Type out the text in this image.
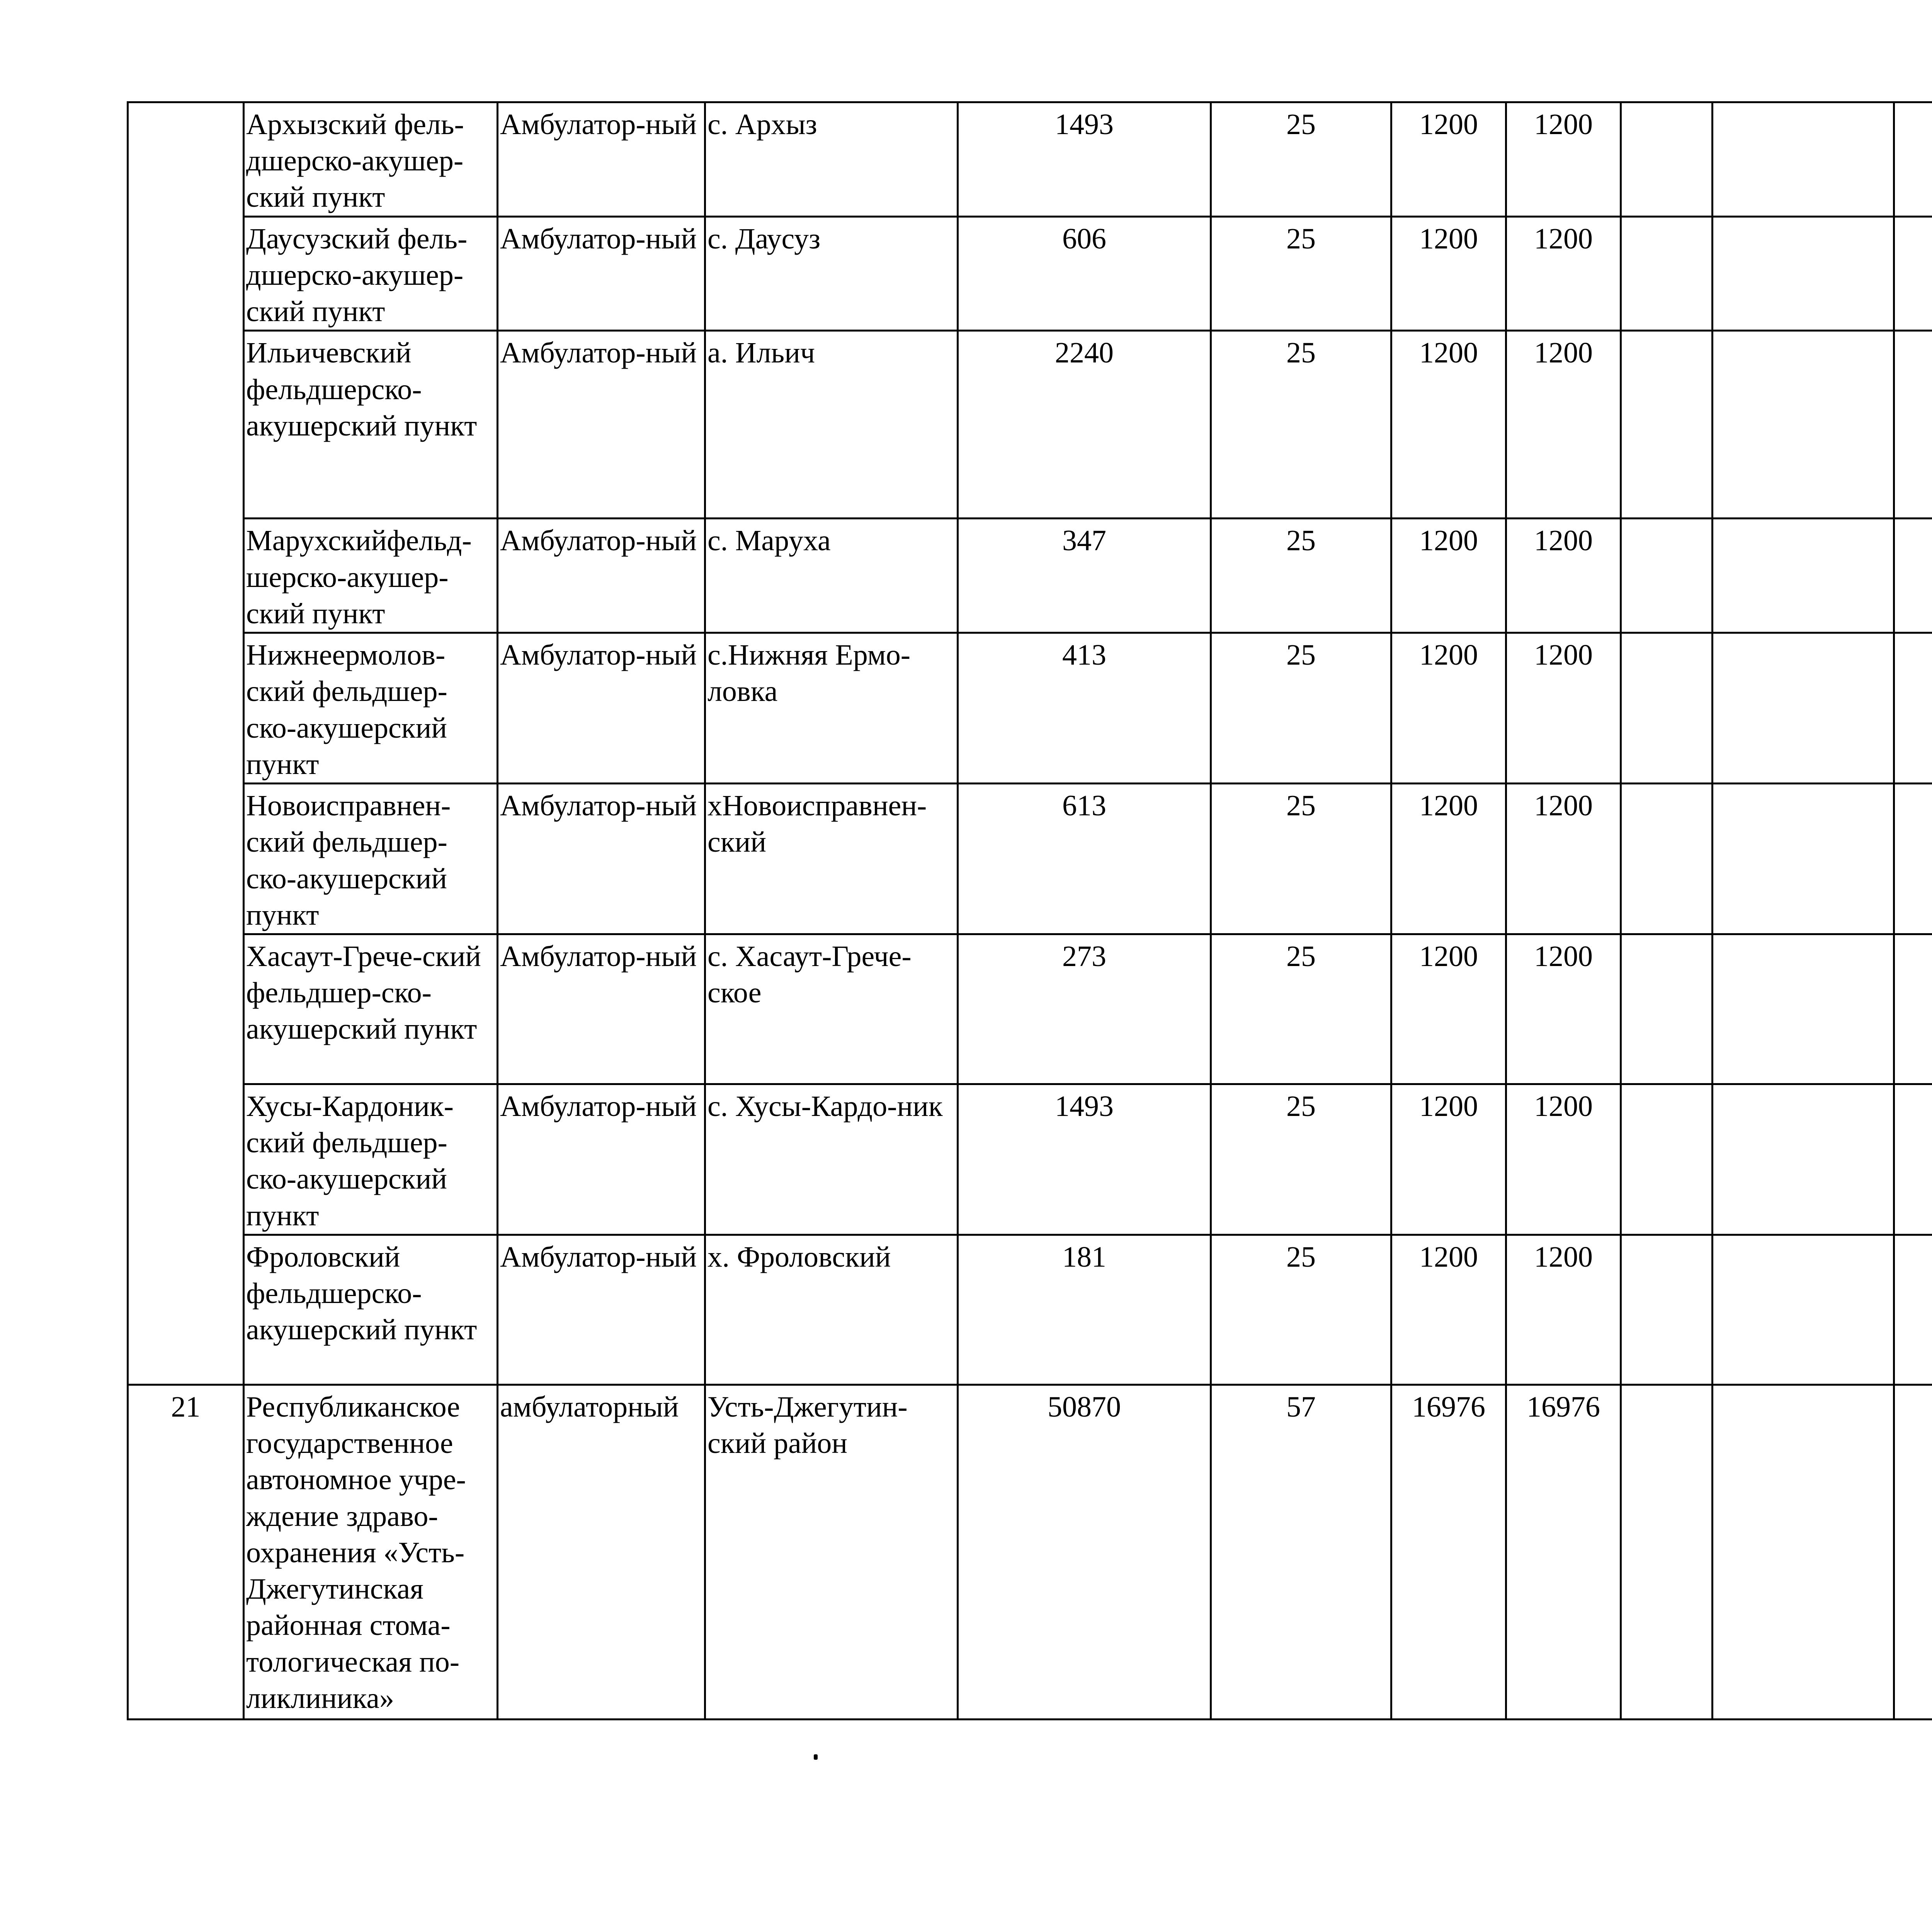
	Архызский фель-дшерско-акушер-ский пункт	Амбулатор-ный	с. Архыз	1493	25	1200	1200					
	Даусузский фель-дшерско-акушер-ский пункт	Амбулатор-ный	с. Даусуз	606	25	1200	1200					
	Ильичевский фельдшерско-акушерский пункт	Амбулатор-ный	а. Ильич	2240	25	1200	1200					
	Марухскийфельд-шерско-акушер-ский пункт	Амбулатор-ный	с. Маруха	347	25	1200	1200					
	Нижнеермолов-ский фельдшер-ско-акушерский пункт	Амбулатор-ный	с.Нижняя Ермо-ловка	413	25	1200	1200					
	Новоисправнен-ский фельдшер-ско-акушерский пункт	Амбулатор-ный	хНовоисправнен-ский	613	25	1200	1200					
	Хасаут-Грече-ский фельдшер-ско-акушерский пункт	Амбулатор-ный	с. Хасаут-Грече-ское	273	25	1200	1200					
	Хусы-Кардоник-ский фельдшер-ско-акушерский пункт	Амбулатор-ный	с. Хусы-Кардо-ник	1493	25	1200	1200					
	Фроловский фельдшерско-акушерский пункт	Амбулатор-ный	х. Фроловский	181	25	1200	1200					
21	Республиканское государственное автономное учре-ждение здраво-охранения «Усть-Джегутинская районная стома-тологическая по-ликлиника»	амбулаторный	Усть-Джегутин-ский район	50870	57	16976	16976					
